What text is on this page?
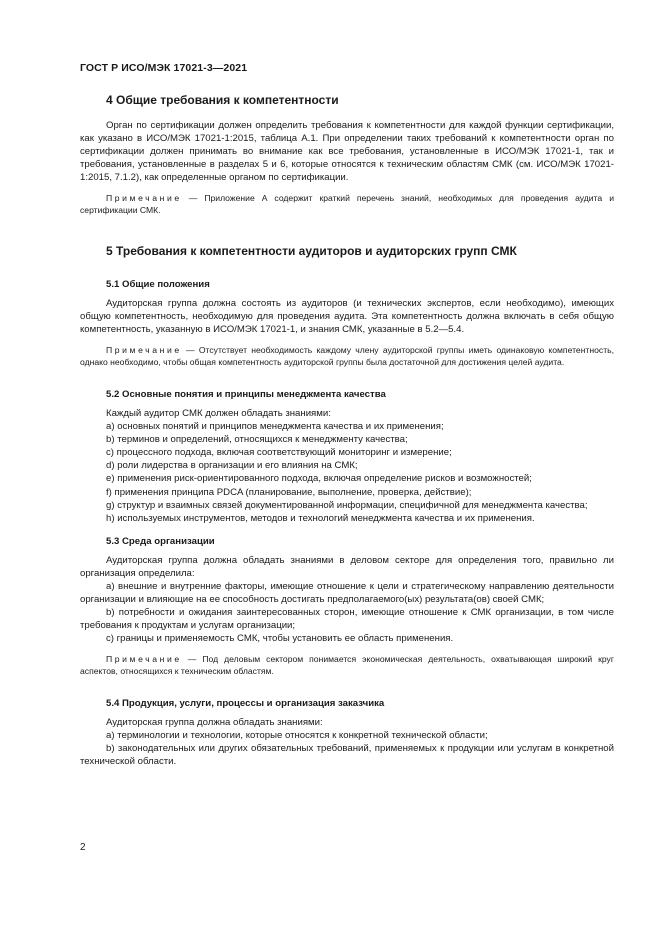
ГОСТ Р ИСО/МЭК 17021-3—2021
4 Общие требования к компетентности

Орган по сертификации должен определить требования к компетентности для каждой функции сертификации, как указано в ИСО/МЭК 17021-1:2015, таблица А.1. При определении таких требований к компетентности орган по сертификации должен принимать во внимание как все требования, установленные в ИСО/МЭК 17021-1, так и требования, установленные в разделах 5 и 6, которые относятся к техническим областям СМК (см. ИСО/МЭК 17021-1:2015, 7.1.2), как определенные органом по сертификации.

Примечание — Приложение А содержит краткий перечень знаний, необходимых для проведения аудита и сертификации СМК.

5 Требования к компетентности аудиторов и аудиторских групп СМК
5.1 Общие положения

Аудиторская группа должна состоять из аудиторов (и технических экспертов, если необходимо), имеющих общую компетентность, необходимую для проведения аудита. Эта компетентность должна включать в себя общую компетентность, указанную в ИСО/МЭК 17021-1, и знания СМК, указанные в 5.2—5.4.

Примечание — Отсутствует необходимость каждому члену аудиторской группы иметь одинаковую компетентность, однако необходимо, чтобы общая компетентность аудиторской группы была достаточной для достижения целей аудита.

5.2 Основные понятия и принципы менеджмента качества

Каждый аудитор СМК должен обладать знаниями:

a) основных понятий и принципов менеджмента качества и их применения;

b) терминов и определений, относящихся к менеджменту качества;

c) процессного подхода, включая соответствующий мониторинг и измерение;

d) роли лидерства в организации и его влияния на СМК;

e) применения риск-ориентированного подхода, включая определение рисков и возможностей;

f) применения принципа PDCA (планирование, выполнение, проверка, действие);

g) структур и взаимных связей документированной информации, специфичной для менеджмента качества;

h) используемых инструментов, методов и технологий менеджмента качества и их применения.

5.3 Среда организации

Аудиторская группа должна обладать знаниями в деловом секторе для определения того, правильно ли организация определила:

a) внешние и внутренние факторы, имеющие отношение к цели и стратегическому направлению деятельности организации и влияющие на ее способность достигать предполагаемого(ых) результата(ов) своей СМК;

b) потребности и ожидания заинтересованных сторон, имеющие отношение к СМК организации, в том числе требования к продуктам и услугам организации;

c) границы и применяемость СМК, чтобы установить ее область применения.

Примечание — Под деловым сектором понимается экономическая деятельность, охватывающая широкий круг аспектов, относящихся к техническим областям.

5.4 Продукция, услуги, процессы и организация заказчика

Аудиторская группа должна обладать знаниями:

a) терминологии и технологии, которые относятся к конкретной технической области;

b) законодательных или других обязательных требований, применяемых к продукции или услугам в конкретной технической области.

2
